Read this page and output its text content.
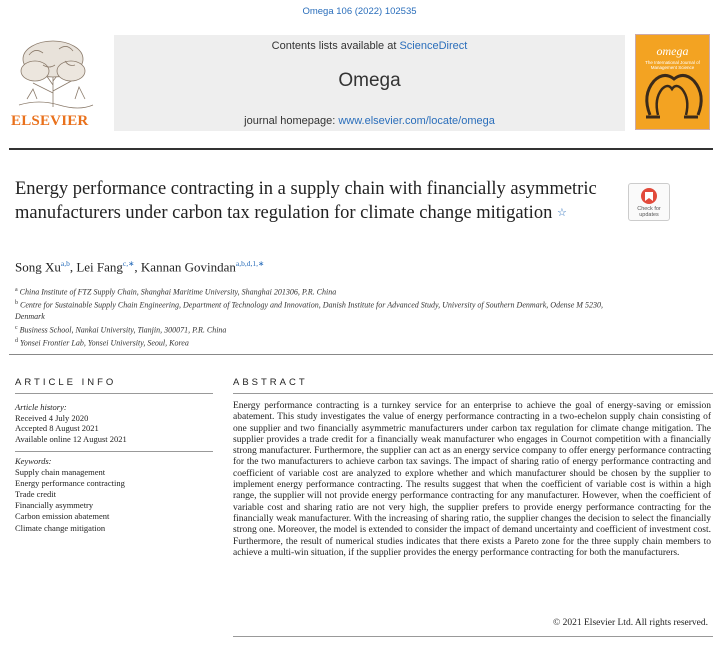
Omega 106 (2022) 102535
ELSEVIER
Contents lists available at ScienceDirect
Omega
journal homepage: www.elsevier.com/locate/omega
omega
The International Journal of Management Science
Energy performance contracting in a supply chain with financially asymmetric manufacturers under carbon tax regulation for climate change mitigation ☆	Check for updates
Song Xu$^{a,b}$, Lei Fang$^{c,∗}$, Kannan Govindan$^{a,b,d,1,∗}$
$^a$ China Institute of FTZ Supply Chain, Shanghai Maritime University, Shanghai 201306, P.R. China
$^b$ Centre for Sustainable Supply Chain Engineering, Department of Technology and Innovation, Danish Institute for Advanced Study, University of Southern Denmark, Odense M 5230, Denmark
$^c$ Business School, Nankai University, Tianjin, 300071, P.R. China
$^d$ Yonsei Frontier Lab, Yonsei University, Seoul, Korea
ARTICLE INFO
Article history:
Received 4 July 2020
Accepted 8 August 2021
Available online 12 August 2021
Keywords:
Supply chain management
Energy performance contracting
Trade credit
Financially asymmetry
Carbon emission abatement
Climate change mitigation
ABSTRACT
Energy performance contracting is a turnkey service for an enterprise to achieve the goal of energy-saving or emission abatement. This study investigates the value of energy performance contracting in a two-echelon supply chain consisting of one supplier and two financially asymmetric manufacturers under carbon tax regulation for climate change mitigation. The supplier provides a trade credit for a financially weak manufacturer who engages in Cournot competition with a financially strong manufacturer. Furthermore, the supplier can act as an energy service company to offer energy performance contracting for the two manufacturers to achieve carbon tax savings. The impact of sharing ratio of energy performance contracting and coefficient of variable cost are analyzed to explore whether and which manufacturer should be chosen by the supplier to implement energy performance contracting. The results suggest that when the coefficient of variable cost is within a high range, the supplier will not provide energy performance contracting for any manufacturer. However, when the coefficient of variable cost and sharing ratio are not very high, the supplier prefers to provide energy performance contracting for the financially weak manufacturer. With the increasing of sharing ratio, the supplier changes the decision to select the financially strong one. Moreover, the model is extended to consider the impact of demand uncertainty and coefficient of investment cost. Furthermore, the result of numerical studies indicates that there exists a Pareto zone for the three supply chain members to achieve a multi-win situation, if the supplier provides the energy performance contracting for both the manufacturers.
© 2021 Elsevier Ltd. All rights reserved.
